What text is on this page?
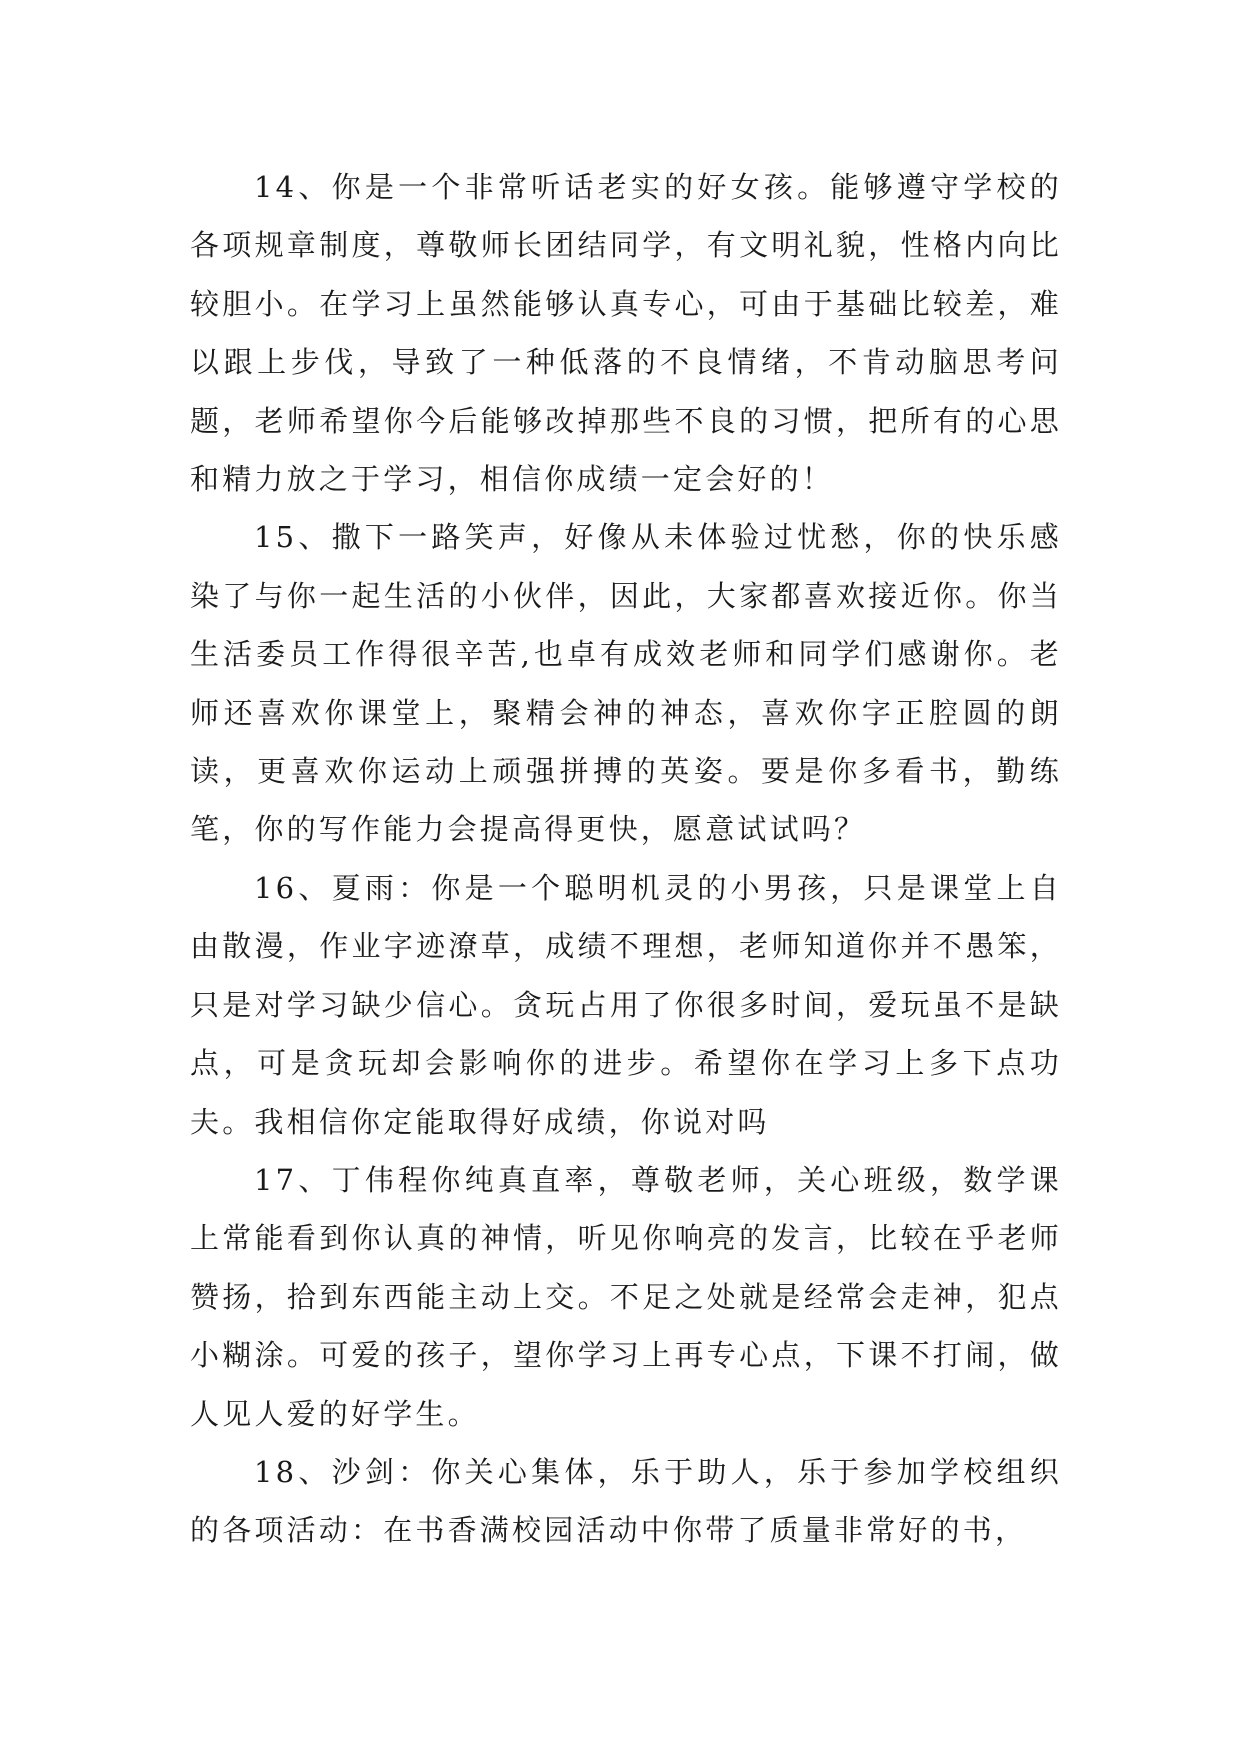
14、你是一个非常听话老实的好女孩。能够遵守学校的各项规章制度，尊敬师长团结同学，有文明礼貌，性格内向比较胆小。在学习上虽然能够认真专心，可由于基础比较差，难以跟上步伐，导致了一种低落的不良情绪，不肯动脑思考问题，老师希望你今后能够改掉那些不良的习惯，把所有的心思和精力放之于学习，相信你成绩一定会好的！

15、撒下一路笑声，好像从未体验过忧愁，你的快乐感染了与你一起生活的小伙伴，因此，大家都喜欢接近你。你当生活委员工作得很辛苦,也卓有成效老师和同学们感谢你。老师还喜欢你课堂上，聚精会神的神态，喜欢你字正腔圆的朗读，更喜欢你运动上顽强拼搏的英姿。要是你多看书，勤练笔，你的写作能力会提高得更快，愿意试试吗？

16、夏雨：你是一个聪明机灵的小男孩，只是课堂上自由散漫，作业字迹潦草，成绩不理想，老师知道你并不愚笨，只是对学习缺少信心。贪玩占用了你很多时间，爱玩虽不是缺点，可是贪玩却会影响你的进步。希望你在学习上多下点功夫。我相信你定能取得好成绩，你说对吗

17、丁伟程你纯真直率，尊敬老师，关心班级，数学课上常能看到你认真的神情，听见你响亮的发言，比较在乎老师赞扬，拾到东西能主动上交。不足之处就是经常会走神，犯点小糊涂。可爱的孩子，望你学习上再专心点，下课不打闹，做人见人爱的好学生。

18、沙剑：你关心集体，乐于助人，乐于参加学校组织的各项活动：在书香满校园活动中你带了质量非常好的书，
